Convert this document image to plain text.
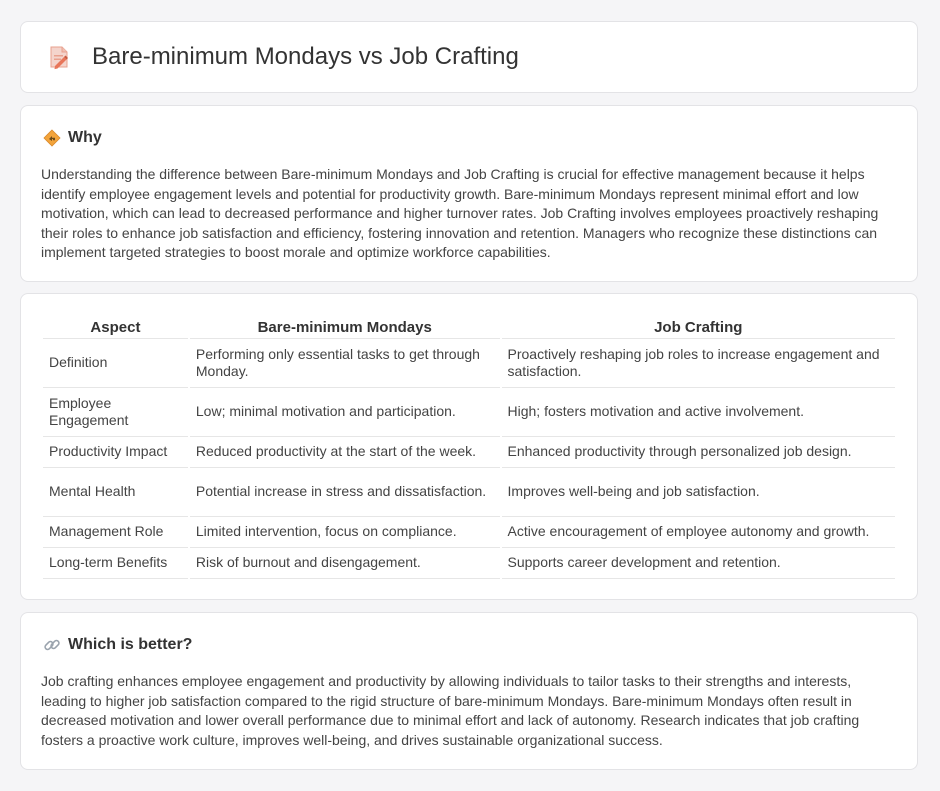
Bare-minimum Mondays vs Job Crafting
Why
Understanding the difference between Bare-minimum Mondays and Job Crafting is crucial for effective management because it helps identify employee engagement levels and potential for productivity growth. Bare-minimum Mondays represent minimal effort and low motivation, which can lead to decreased performance and higher turnover rates. Job Crafting involves employees proactively reshaping their roles to enhance job satisfaction and efficiency, fostering innovation and retention. Managers who recognize these distinctions can implement targeted strategies to boost morale and optimize workforce capabilities.
Aspect	Bare-minimum Mondays	Job Crafting
Definition	Performing only essential tasks to get through Monday.	Proactively reshaping job roles to increase engagement and satisfaction.
Employee Engagement	Low; minimal motivation and participation.	High; fosters motivation and active involvement.
Productivity Impact	Reduced productivity at the start of the week.	Enhanced productivity through personalized job design.
Mental Health	Potential increase in stress and dissatisfaction.	Improves well-being and job satisfaction.
Management Role	Limited intervention, focus on compliance.	Active encouragement of employee autonomy and growth.
Long-term Benefits	Risk of burnout and disengagement.	Supports career development and retention.
Which is better?
Job crafting enhances employee engagement and productivity by allowing individuals to tailor tasks to their strengths and interests, leading to higher job satisfaction compared to the rigid structure of bare-minimum Mondays. Bare-minimum Mondays often result in decreased motivation and lower overall performance due to minimal effort and lack of autonomy. Research indicates that job crafting fosters a proactive work culture, improves well-being, and drives sustainable organizational success.
